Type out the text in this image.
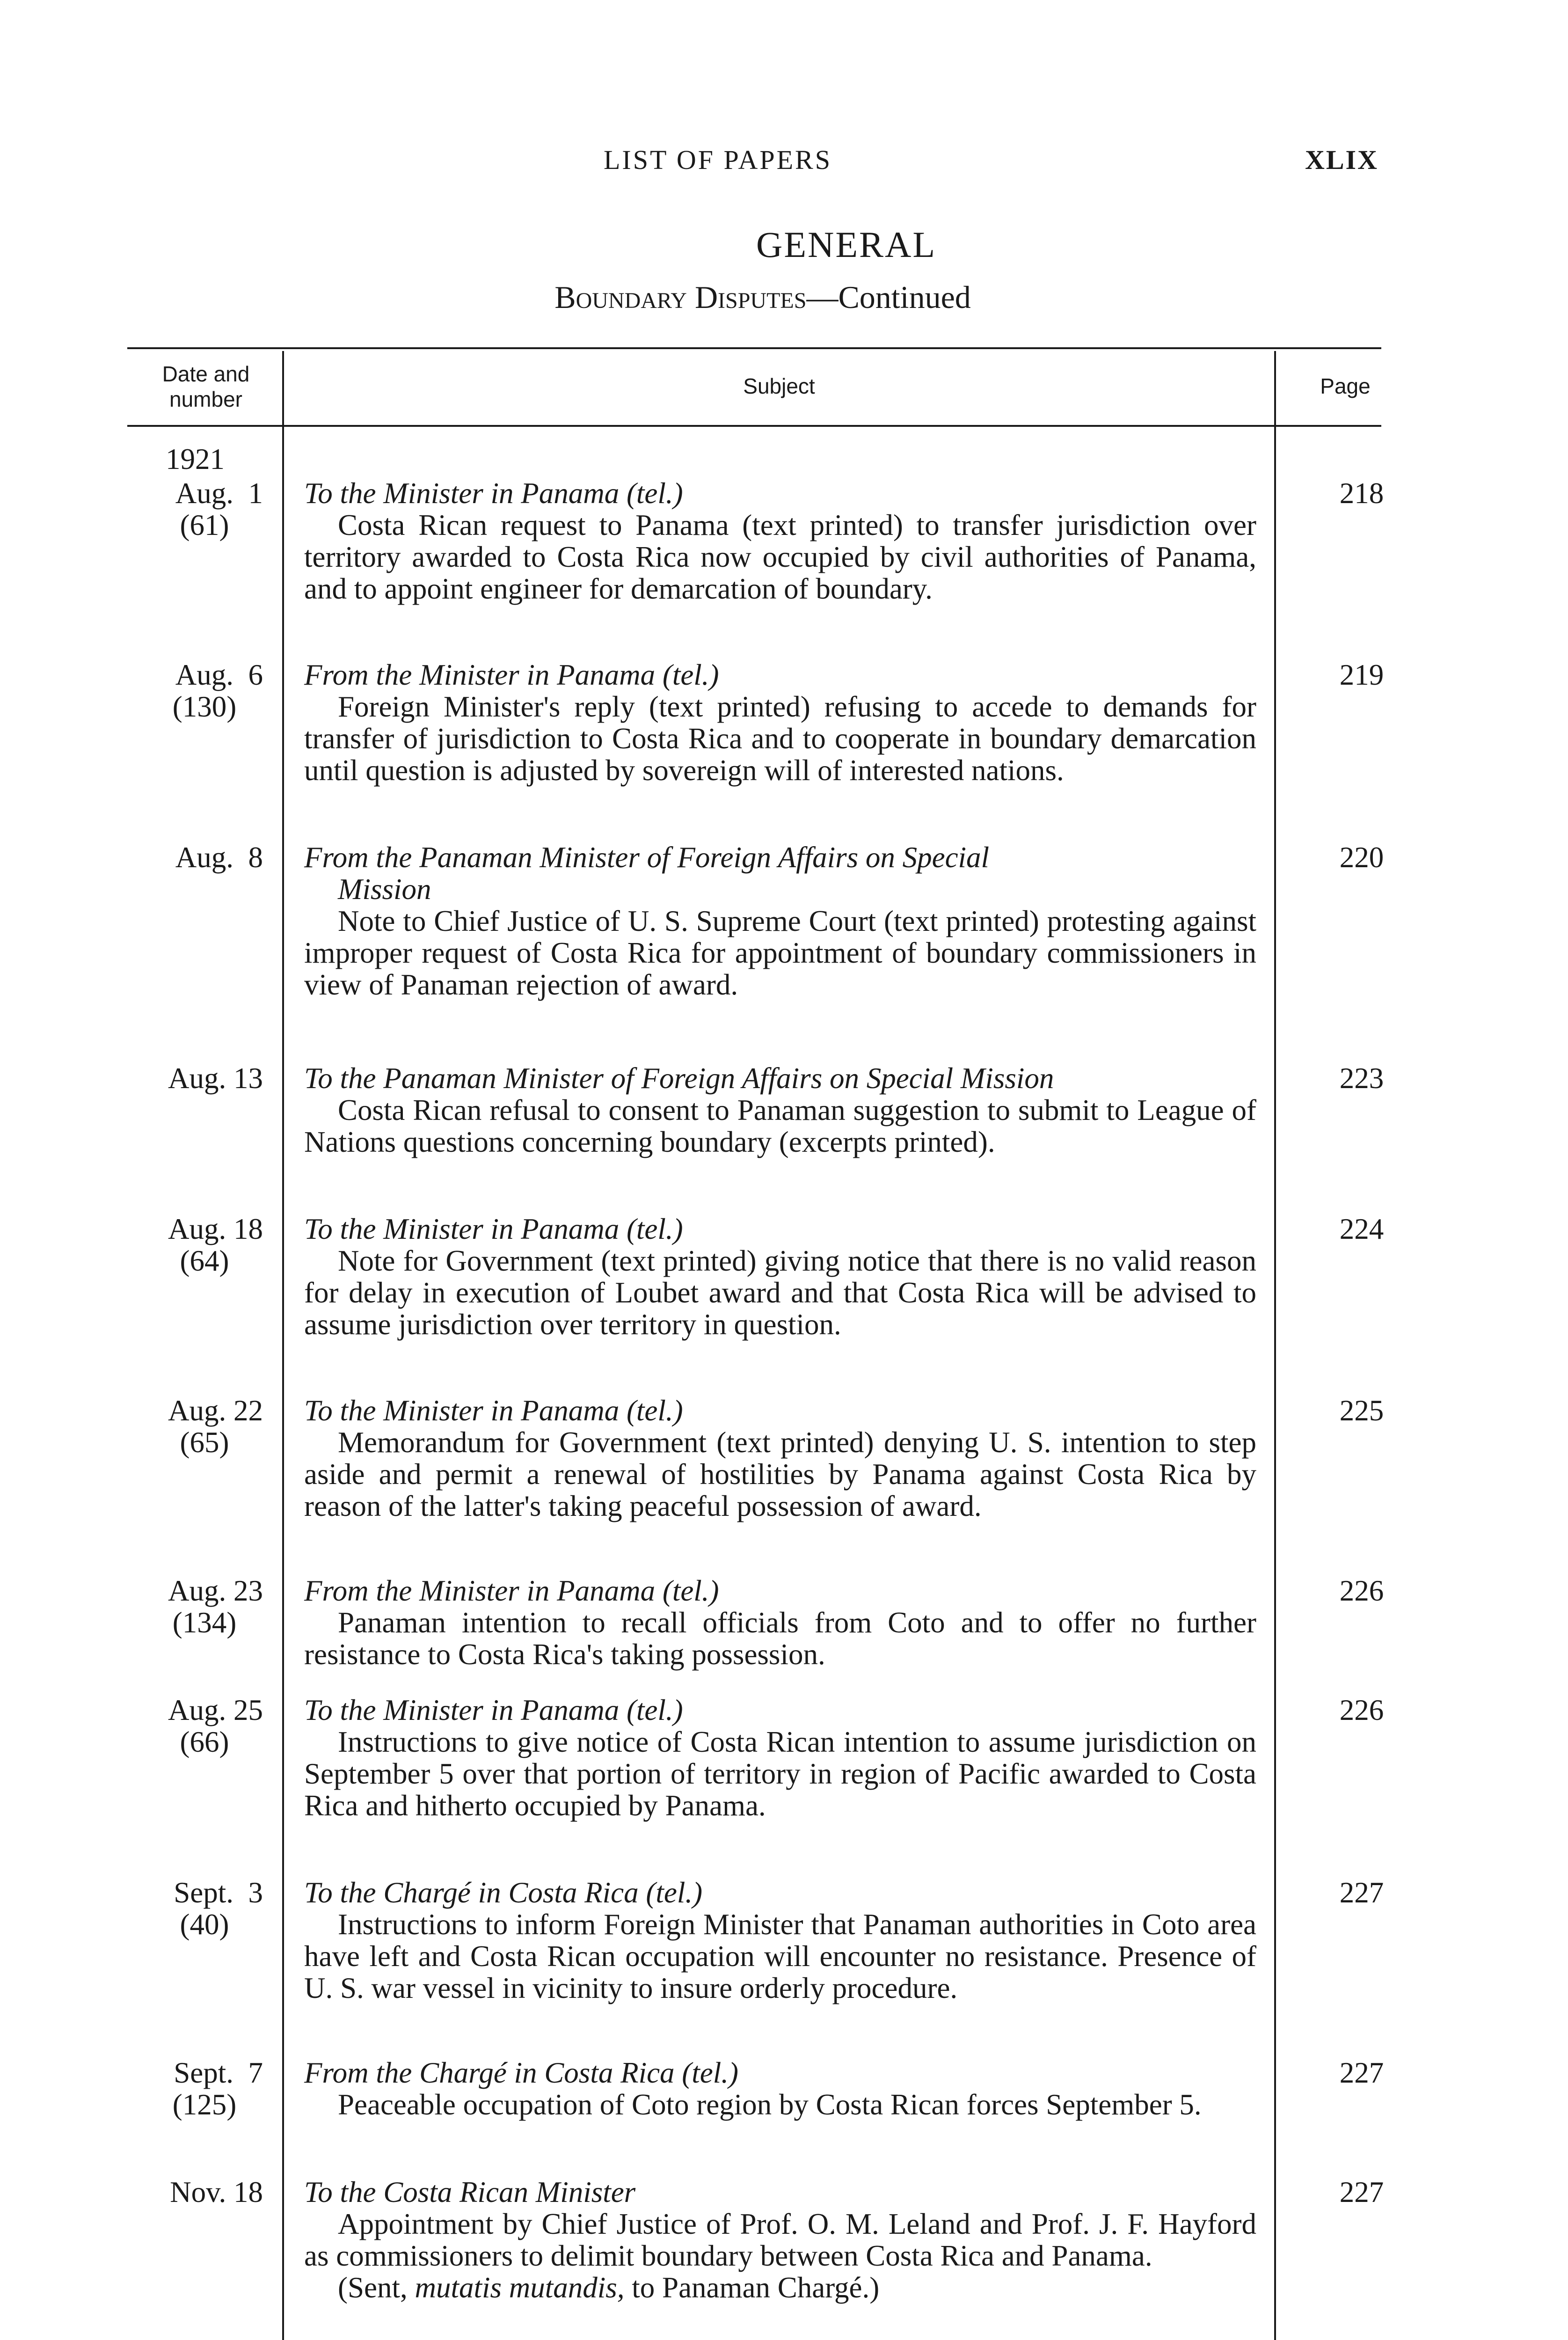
LIST OF PAPERS	XLIX
GENERAL
Boundary Disputes—Continued
Date and
number
Subject	Page
1921
Aug.  1
(61)
To the Minister in Panama (tel.)
Costa Rican request to Panama (text printed) to transfer jurisdiction over territory awarded to Costa Rica now occupied by civil authorities of Panama, and to appoint engineer for demarcation of boundary.
218
Aug.  6
(130)
From the Minister in Panama (tel.)
Foreign Minister's reply (text printed) refusing to accede to demands for transfer of jurisdiction to Costa Rica and to cooperate in boundary demarcation until question is adjusted by sovereign will of interested nations.
219
Aug.  8 From the Panaman Minister of Foreign Affairs on Special
Mission
Note to Chief Justice of U. S. Supreme Court (text printed) protesting against improper request of Costa Rica for appointment of boundary commissioners in view of Panaman rejection of award.
220
Aug. 13 To the Panaman Minister of Foreign Affairs on Special Mission
Costa Rican refusal to consent to Panaman suggestion to submit to League of Nations questions concerning boundary (excerpts printed).
223
Aug. 18
(64)
To the Minister in Panama (tel.)
Note for Government (text printed) giving notice that there is no valid reason for delay in execution of Loubet award and that Costa Rica will be advised to assume jurisdiction over territory in question.
224
Aug. 22
(65)
To the Minister in Panama (tel.)
Memorandum for Government (text printed) denying U. S. intention to step aside and permit a renewal of hostilities by Panama against Costa Rica by reason of the latter's taking peaceful possession of award.
225
Aug. 23
(134)
From the Minister in Panama (tel.)
Panaman intention to recall officials from Coto and to offer no further resistance to Costa Rica's taking possession.
226
Aug. 25
(66)
To the Minister in Panama (tel.)
Instructions to give notice of Costa Rican intention to assume jurisdiction on September 5 over that portion of territory in region of Pacific awarded to Costa Rica and hitherto occupied by Panama.
226
Sept.  3
(40)
To the Chargé in Costa Rica (tel.)
Instructions to inform Foreign Minister that Panaman authorities in Coto area have left and Costa Rican occupation will encounter no resistance. Presence of U. S. war vessel in vicinity to insure orderly procedure.
227
Sept.  7
(125)
From the Chargé in Costa Rica (tel.)
Peaceable occupation of Coto region by Costa Rican forces September 5.
227
Nov. 18 To the Costa Rican Minister
Appointment by Chief Justice of Prof. O. M. Leland and Prof. J. F. Hayford as commissioners to delimit boundary between Costa Rica and Panama.
(Sent, mutatis mutandis, to Panaman Chargé.)
227
